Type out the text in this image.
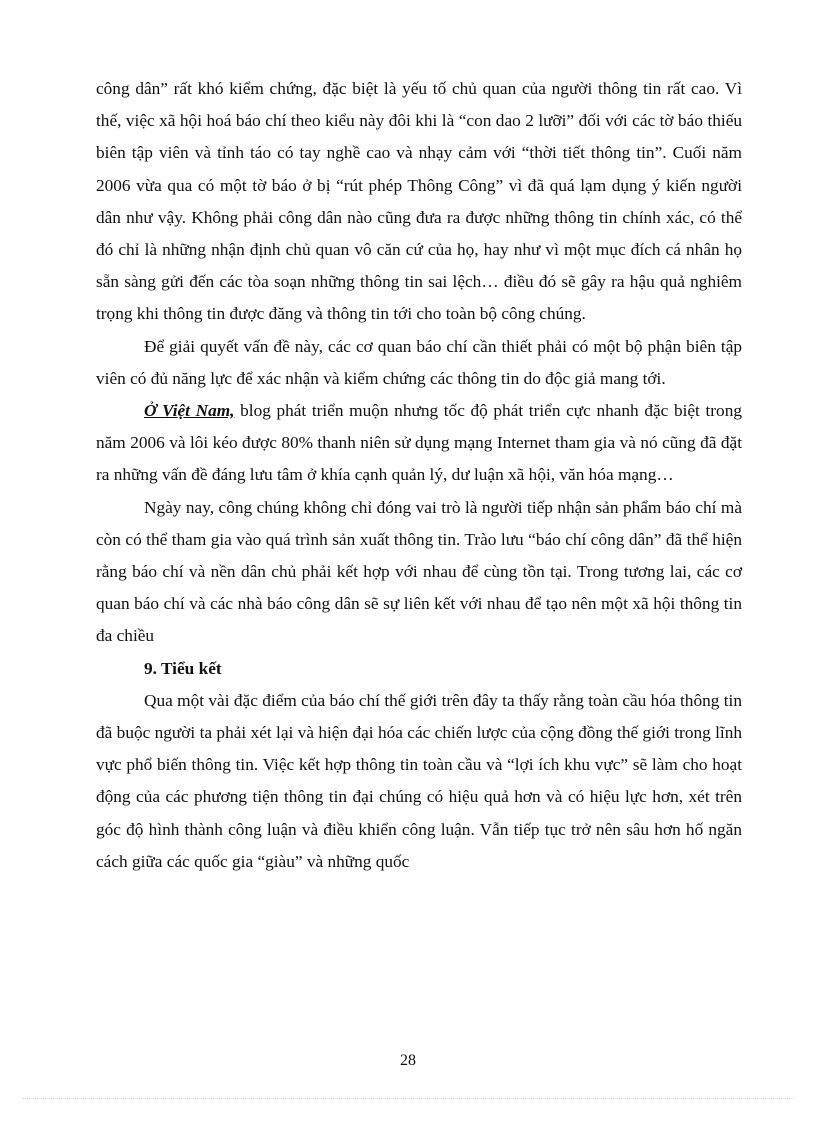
công dân” rất khó kiểm chứng, đặc biệt là yếu tố chủ quan của người thông tin rất cao. Vì thế, việc xã hội hoá báo chí theo kiểu này đôi khi là “con dao 2 lưỡi” đối với các tờ báo thiếu biên tập viên và tỉnh táo có tay nghề cao và nhạy cảm với “thời tiết thông tin”. Cuối năm 2006 vừa qua có một tờ báo ở bị “rút phép Thông Công” vì đã quá lạm dụng ý kiến người dân như vậy. Không phải công dân nào cũng đưa ra được những thông tin chính xác, có thể đó chỉ là những nhận định chủ quan vô căn cứ của họ, hay như vì một mục đích cá nhân họ sẵn sàng gửi đến các tòa soạn những thông tin sai lệch… điều đó sẽ gây ra hậu quả nghiêm trọng khi thông tin được đăng và thông tin tới cho toàn bộ công chúng.

Để giải quyết vấn đề này, các cơ quan báo chí cần thiết phải có một bộ phận biên tập viên có đủ năng lực để xác nhận và kiểm chứng các thông tin do độc giả mang tới.

Ở Việt Nam, blog phát triển muộn nhưng tốc độ phát triển cực nhanh đặc biệt trong năm 2006 và lôi kéo được 80% thanh niên sử dụng mạng Internet tham gia và nó cũng đã đặt ra những vấn đề đáng lưu tâm ở khía cạnh quản lý, dư luận xã hội, văn hóa mạng…

Ngày nay, công chúng không chỉ đóng vai trò là người tiếp nhận sản phẩm báo chí mà còn có thể tham gia vào quá trình sản xuất thông tin. Trào lưu “báo chí công dân” đã thể hiện rằng báo chí và nền dân chủ phải kết hợp với nhau để cùng tồn tại. Trong tương lai, các cơ quan báo chí và các nhà báo công dân sẽ sự liên kết với nhau để tạo nên một xã hội thông tin đa chiều

9. Tiểu kết

Qua một vài đặc điểm của báo chí thế giới trên đây ta thấy rằng toàn cầu hóa thông tin đã buộc người ta phải xét lại và hiện đại hóa các chiến lược của cộng đồng thế giới trong lĩnh vực phổ biến thông tin. Việc kết hợp thông tin toàn cầu và “lợi ích khu vực” sẽ làm cho hoạt động của các phương tiện thông tin đại chúng có hiệu quả hơn và có hiệu lực hơn, xét trên góc độ hình thành công luận và điều khiển công luận. Vẫn tiếp tục trở nên sâu hơn hố ngăn cách giữa các quốc gia “giàu” và những quốc

28
